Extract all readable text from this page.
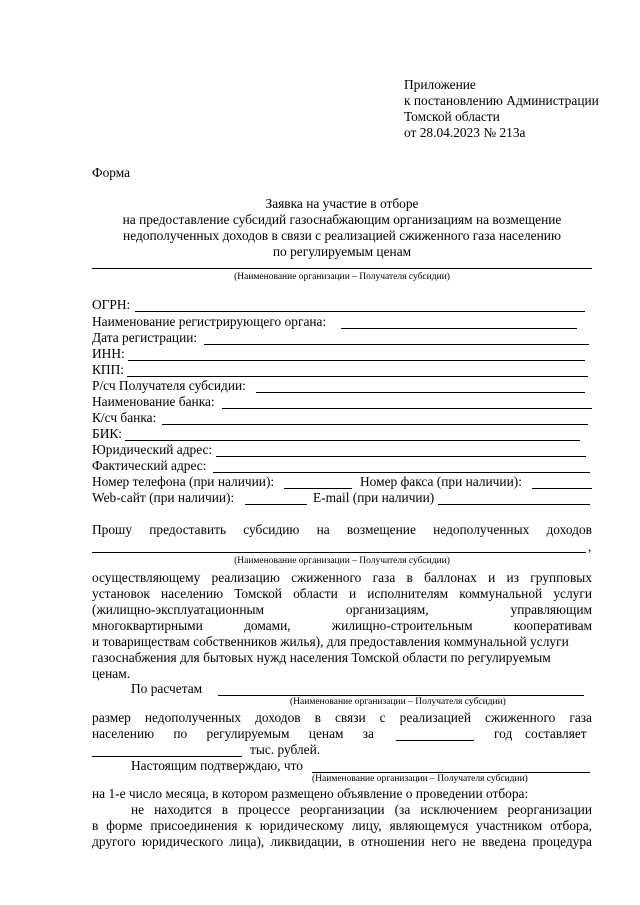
Приложение
к постановлению Администрации
Томской области
от 28.04.2023 № 213а
Форма
Заявка на участие в отборе
на предоставление субсидий газоснабжающим организациям на возмещение
недополученных доходов в связи с реализацией сжиженного газа населению
по регулируемым ценам
(Наименование организации – Получателя субсидии)
ОГРН:
Наименование регистрирующего органа:
Дата регистрации:
ИНН:
КПП:
Р/сч Получателя субсидии:
Наименование банка:
К/сч банка:
БИК:
Юридический адрес:
Фактический адрес:
Номер телефона (при наличии):	Номер факса (при наличии):
Web-сайт (при наличии):	E-mail (при наличии)
Прошу предоставить субсидию на возмещение недополученных доходов
,
(Наименование организации – Получателя субсидии)
осуществляющему реализацию сжиженного газа в баллонах и из групповых
установок населению Томской области и исполнителям коммунальной услуги
(жилищно-эксплуатационным организациям, управляющим
многоквартирными домами, жилищно-строительным кооперативам
и товариществам собственников жилья), для предоставления коммунальной услуги
газоснабжения для бытовых нужд населения Томской области по регулируемым
ценам.
По расчетам
(Наименование организации – Получателя субсидии)
размер недополученных доходов в связи с реализацией сжиженного газа
населению по регулируемым ценам за	год составляет
тыс. рублей.
Настоящим подтверждаю, что
(Наименование организации – Получателя субсидии)
на 1-е число месяца, в котором размещено объявление о проведении отбора:
не находится в процессе реорганизации (за исключением реорганизации
в форме присоединения к юридическому лицу, являющемуся участником отбора,
другого юридического лица), ликвидации, в отношении него не введена процедура
